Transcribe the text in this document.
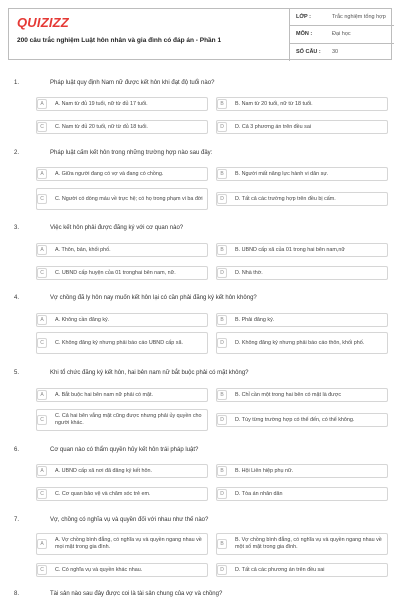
QUIZIZZ
200 câu trắc nghiệm Luật hôn nhân và gia đình có đáp án - Phần 1
LỚP :	Trắc nghiệm tổng hợp
MÔN :	Đại học
SỐ CÂU :	30
1.	Pháp luật quy định Nam nữ được kết hôn khi đạt độ tuổi nào?
A	A. Nam từ đủ 19 tuổi, nữ từ đủ 17 tuổi.	B	B. Nam từ 20 tuổi, nữ từ 18 tuổi.
C	C. Nam từ đủ 20 tuổi, nữ từ đủ 18 tuổi.	D	D. Cả 3 phương án trên đều sai
2.	Pháp luật cấm kết hôn trong những trường hợp nào sau đây:
A	A. Giữa người đang có vợ và đang có chồng.	B	B. Người mất năng lực hành vi dân sự.
C	C. Người có dòng máu về trực hệ; có họ trong phạm vi ba đời	D	D. Tất cả các trường hợp trên đều bị cấm.
3.	Việc kết hôn phải được đăng ký với cơ quan nào?
A	A. Thôn, bản, khối phố.	B	B. UBND cấp xã của 01 trong hai bên nam,nữ
C	C. UBND cấp huyện của 01 tronghai bên nam, nữ.	D	D. Nhà thờ.
4.	Vợ chồng đã ly hôn nay muốn kết hôn lại có cần phải đăng ký kết hôn không?
A	A. Không cần đăng ký.	B	B. Phải đăng ký.
C	C. Không đăng ký nhưng phải báo cáo UBND cấp xã.	D	D. Không đăng ký nhưng phải báo cáo thôn, khối phố.
5.	Khi tổ chức đăng ký kết hôn, hai bên nam nữ bắt buộc phải có mặt không?
A	A. Bắt buộc hai bên nam nữ phải có mặt.	B	B. Chỉ cần một trong hai bên có mặt là được
C
C. Cả hai bên vắng mặt cũng được nhưng phải ủy quyền cho người khác.	D	D. Tùy từng trường hợp có thể đến, có thể không.
6.	Cơ quan nào có thẩm quyền hủy kết hôn trái pháp luật?
A	A. UBND cấp xã nơi đã đăng ký kết hôn.	B	B. Hội Liên hiệp phụ nữ.
C	C. Cơ quan bảo vệ và chăm sóc trẻ em.	D	D. Tòa án nhân dân
7.	Vợ, chồng có nghĩa vụ và quyền đối với nhau như thế nào?
A
A. Vợ chồng bình đẳng, có nghĩa vụ và quyền ngang nhau về mọi mặt trong gia đình.	B
B. Vợ chồng bình đẳng, có nghĩa vụ và quyền ngang nhau về một số mặt trong gia đình.
C	C. Có nghĩa vụ và quyền khác nhau.	D	D. Tất cả các phương án trên đều sai
8.	Tài sản nào sau đây được coi là tài sản chung của vợ và chồng?
